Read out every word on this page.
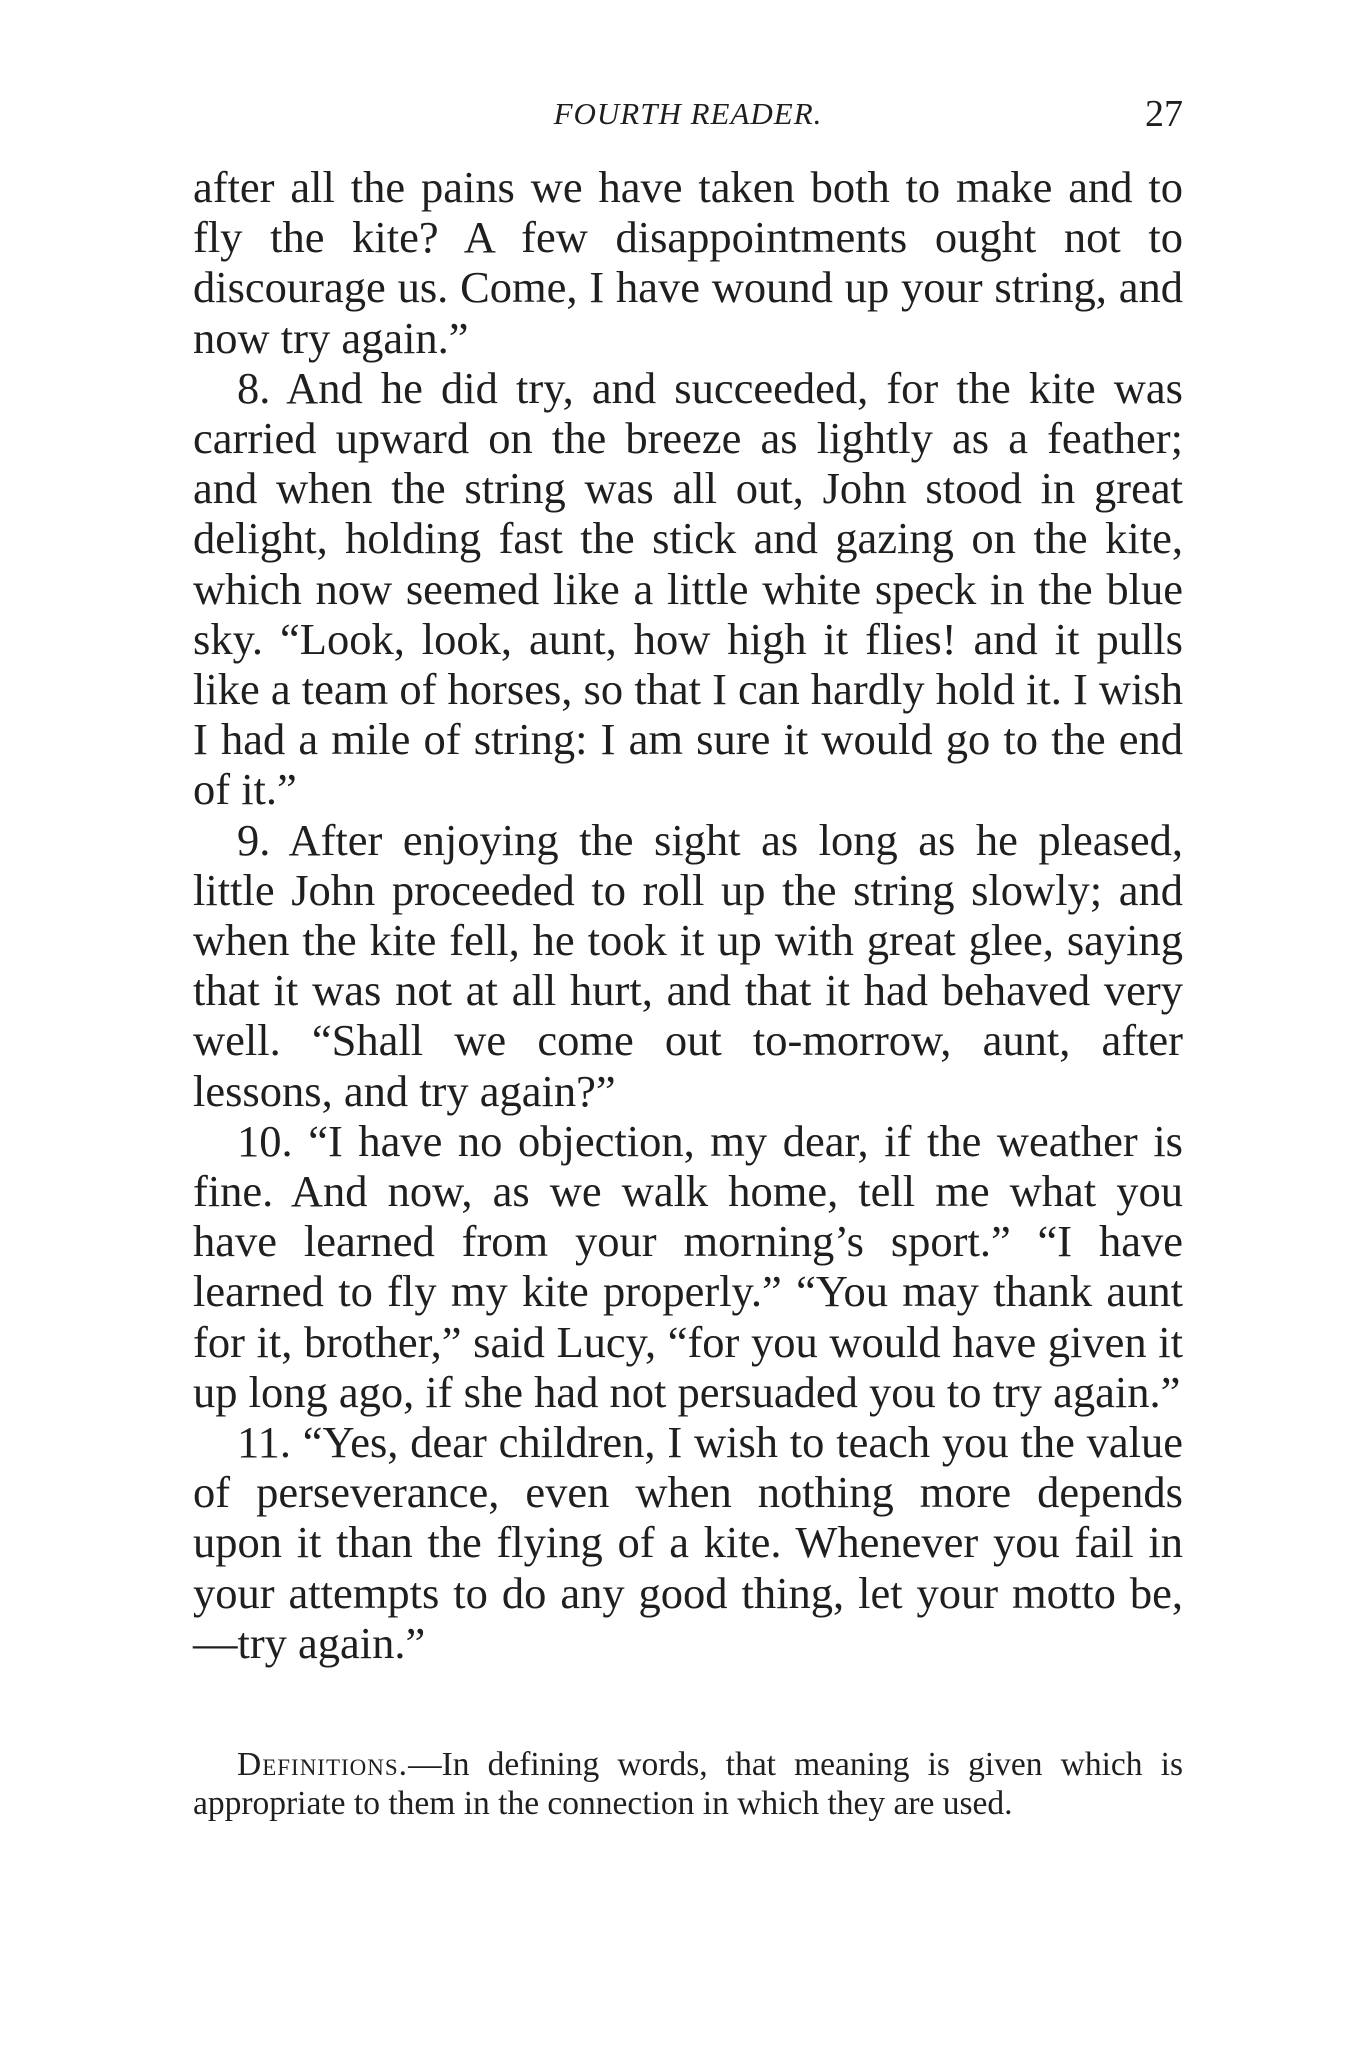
FOURTH READER.	27

after all the pains we have taken both to make and to fly the kite? A few disappointments ought not to discourage us. Come, I have wound up your string, and now try again.”

8. And he did try, and succeeded, for the kite was carried upward on the breeze as lightly as a feather; and when the string was all out, John stood in great delight, holding fast the stick and gazing on the kite, which now seemed like a little white speck in the blue sky. “Look, look, aunt, how high it flies! and it pulls like a team of horses, so that I can hardly hold it. I wish I had a mile of string: I am sure it would go to the end of it.”

9. After enjoying the sight as long as he pleased, little John proceeded to roll up the string slowly; and when the kite fell, he took it up with great glee, saying that it was not at all hurt, and that it had behaved very well. “Shall we come out to-morrow, aunt, after lessons, and try again?”

10. “I have no objection, my dear, if the weather is fine. And now, as we walk home, tell me what you have learned from your morning’s sport.” “I have learned to fly my kite properly.” “You may thank aunt for it, brother,” said Lucy, “for you would have given it up long ago, if she had not persuaded you to try again.”

11. “Yes, dear children, I wish to teach you the value of perseverance, even when nothing more depends upon it than the flying of a kite. Whenever you fail in your attempts to do any good thing, let your motto be,—try again.”

Definitions.—In defining words, that meaning is given which is appropriate to them in the connection in which they are used.
